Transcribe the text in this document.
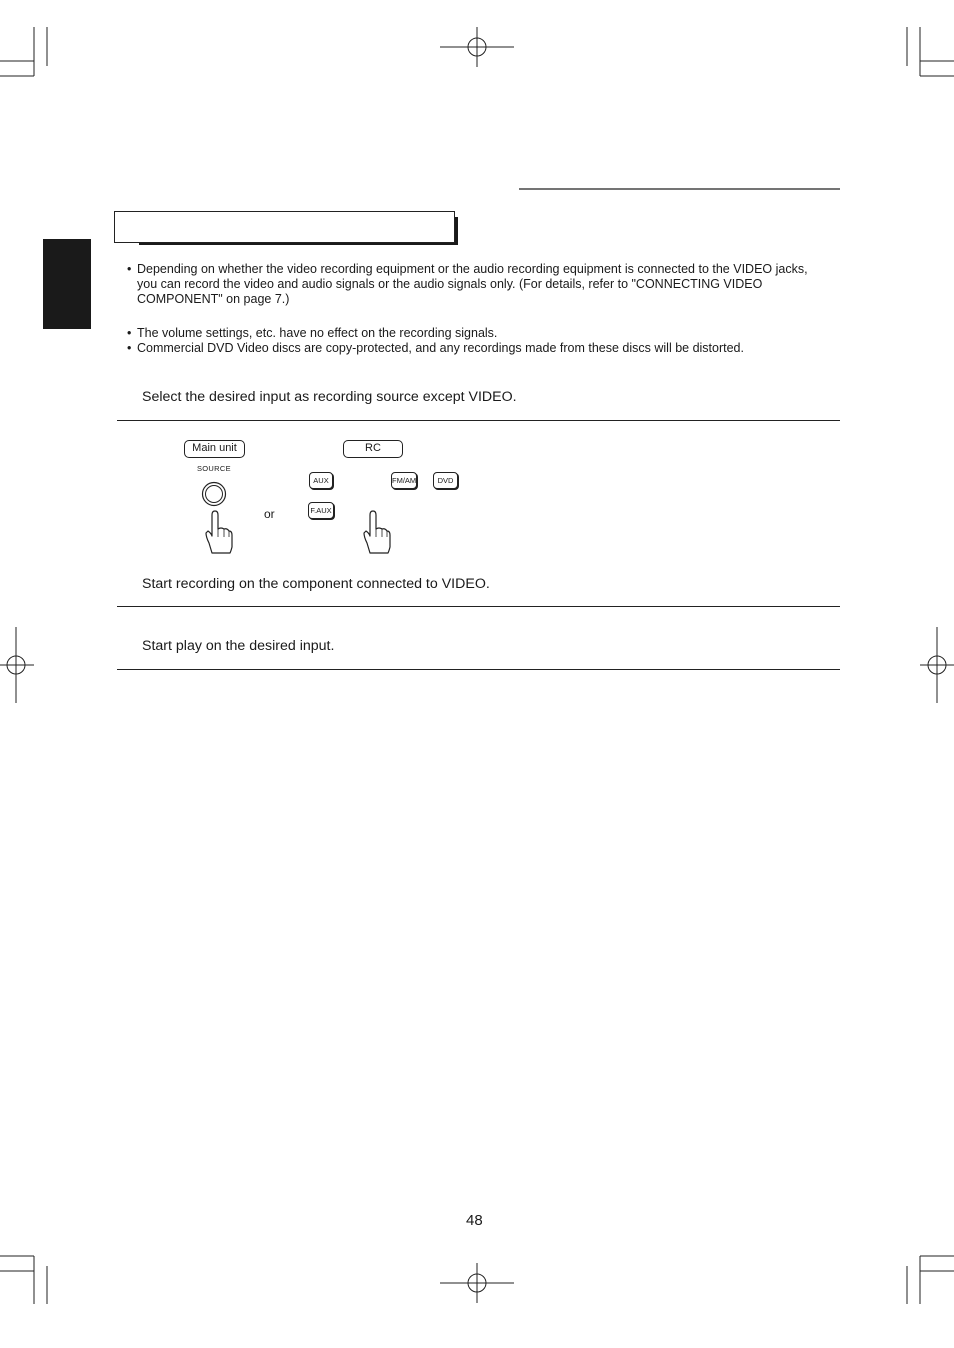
• Depending on whether the video recording equipment or the audio recording equipment is connected to the VIDEO jacks, you can record the video and audio signals or the audio signals only. (For details, refer to "CONNECTING VIDEO COMPONENT" on page 7.)
• The volume settings, etc. have no effect on the recording signals.
• Commercial DVD Video discs are copy-protected, and any recordings made from these discs will be distorted.
Select the desired input as recording source except VIDEO.
Main unit
SOURCE
RC
or
AUX
F.AUX
FM/AM	DVD
Start recording on the component connected to VIDEO.
Start play on the desired input.
48
